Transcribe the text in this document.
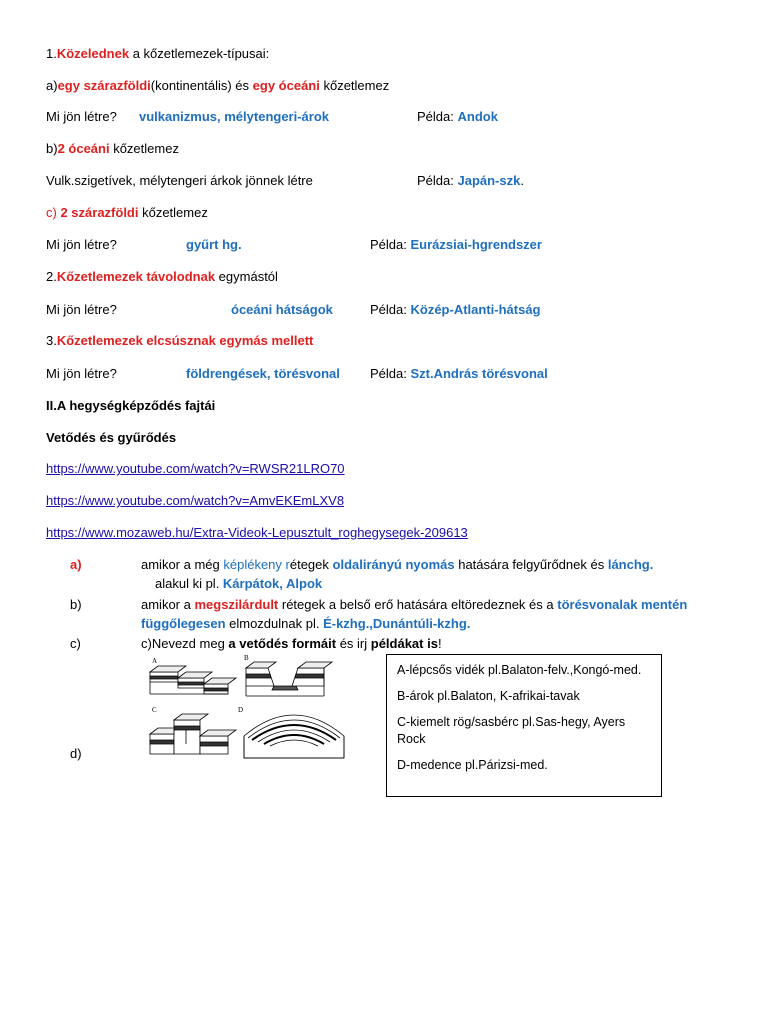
1.Közelednek a kőzetlemezek-típusai:
a)egy szárazföldi(kontinentális) és egy óceáni kőzetlemez
Mi jön létre? vulkanizmus, mélytengeri-árok	Példa: Andok
b)2 óceáni kőzetlemez
Vulk.szigetívek, mélytengeri árkok jönnek létre	Példa: Japán-szk.
c) 2 szárazföldi kőzetlemez
Mi jön létre?	gyűrt hg.	Példa: Eurázsiai-hgrendszer
2.Kőzetlemezek távolodnak egymástól
Mi jön létre?	óceáni hátságok	Példa: Közép-Atlanti-hátság
3.Kőzetlemezek elcsúsznak egymás mellett
Mi jön létre?	földrengések, törésvonal Példa: Szt.András törésvonal
II.A hegységképződés fajtái
Vetődés és gyűrődés
https://www.youtube.com/watch?v=RWSR21LRO70
https://www.youtube.com/watch?v=AmvEKEmLXV8
https://www.mozaweb.hu/Extra-Videok-Lepusztult_roghegysegek-209613
a)	amikor a még képlékeny rétegek oldalirányú nyomás hatására felgyűrődnek és lánchg.
alakul ki pl. Kárpátok, Alpok
b)	amikor a megszilárdult rétegek a belső erő hatására eltöredeznek és a törésvonalak mentén
függőlegesen elmozdulnak pl. É-kzhg.,Dunántúli-kzhg.
c)	c)Nevezd meg a vetődés formáit és irj példákat is!
d)
A	B
C	D
A-lépcsős vidék pl.Balaton-felv.,Kongó-med.
B-árok pl.Balaton, K-afrikai-tavak
C-kiemelt rög/sasbérc pl.Sas-hegy, Ayers Rock
D-medence pl.Párizsi-med.
